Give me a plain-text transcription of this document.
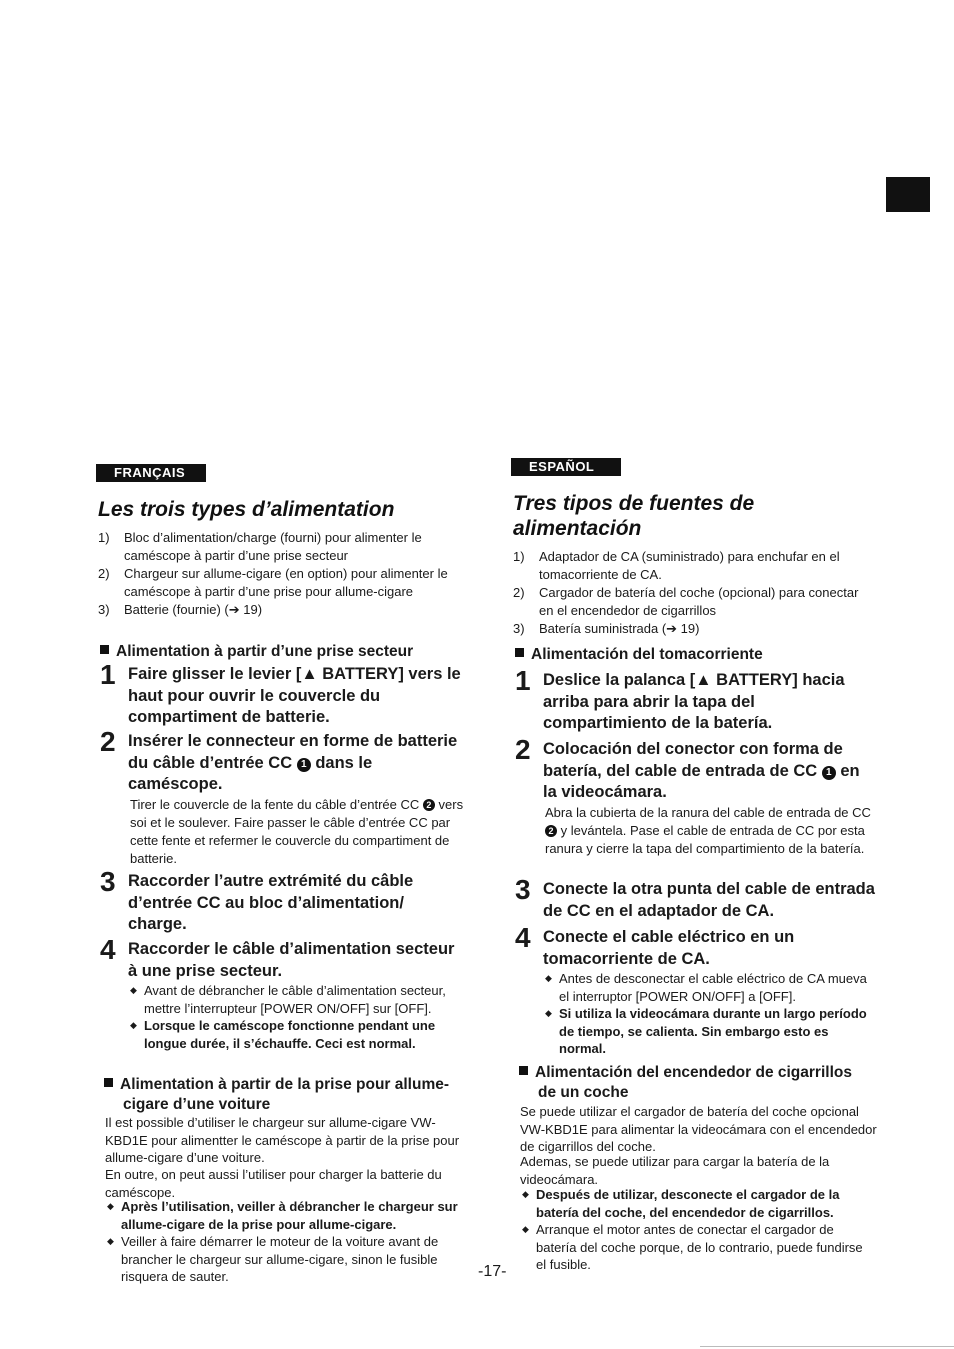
FRANÇAIS
Les trois types d’alimentation
1) Bloc d’alimentation/charge (fourni) pour alimenter le caméscope à partir d’une prise secteur
2) Chargeur sur allume-cigare (en option) pour alimenter le caméscope à partir d’une prise pour allume-cigare
3) Batterie (fournie) (➔ 19)
Alimentation à partir d’une prise secteur
1 Faire glisser le levier [▲ BATTERY] vers le haut pour ouvrir le couvercle du compartiment de batterie.

2 Insérer le connecteur en forme de batterie du câble d’entrée CC 1 dans le caméscope.

Tirer le couvercle de la fente du câble d’entrée CC 2 vers soi et le soulever. Faire passer le câble d’entrée CC par cette fente et refermer le couvercle du compartiment de batterie.

3 Raccorder l’autre extrémité du câble d’entrée CC au bloc d’alimentation/ charge.

4 Raccorder le câble d’alimentation secteur à une prise secteur.

◆ Avant de débrancher le câble d’alimentation secteur, mettre l’interrupteur [POWER ON/OFF] sur [OFF].
◆ Lorsque le caméscope fonctionne pendant une longue durée, il s’échauffe. Ceci est normal.
Alimentation à partir de la prise pour allume-cigare d’une voiture

Il est possible d’utiliser le chargeur sur allume-cigare VW-KBD1E pour alimentter le caméscope à partir de la prise pour allume-cigare d’une voiture.

En outre, on peut aussi l’utiliser pour charger la batterie du caméscope.

◆ Après l’utilisation, veiller à débrancher le chargeur sur allume-cigare de la prise pour allume-cigare.
◆ Veiller à faire démarrer le moteur de la voiture avant de brancher le chargeur sur allume-cigare, sinon le fusible risquera de sauter.
ESPAÑOL
Tres tipos de fuentes de alimentación
1) Adaptador de CA (suministrado) para enchufar en el tomacorriente de CA.
2) Cargador de batería del coche (opcional) para conectar en el encendedor de cigarrillos
3) Batería suministrada (➔ 19)
Alimentación del tomacorriente
1 Deslice la palanca [▲ BATTERY] hacia arriba para abrir la tapa del compartimiento de la batería.

2 Colocación del conector con forma de batería, del cable de entrada de CC 1 en la videocámara.

Abra la cubierta de la ranura del cable de entrada de CC 2 y levántela. Pase el cable de entrada de CC por esta ranura y cierre la tapa del compartimiento de la batería.

3 Conecte la otra punta del cable de entrada de CC en el adaptador de CA.

4 Conecte el cable eléctrico en un tomacorriente de CA.

◆ Antes de desconectar el cable eléctrico de CA mueva el interruptor [POWER ON/OFF] a [OFF].
◆ Si utiliza la videocámara durante un largo período de tiempo, se calienta. Sin embargo esto es normal.
Alimentación del encendedor de cigarrillos de un coche

Se puede utilizar el cargador de batería del coche opcional VW-KBD1E para alimentar la videocámara con el encendedor de cigarrillos del coche.

Ademas, se puede utilizar para cargar la batería de la videocámara.

◆ Después de utilizar, desconecte el cargador de la batería del coche, del encendedor de cigarrillos.
◆ Arranque el motor antes de conectar el cargador de batería del coche porque, de lo contrario, puede fundirse el fusible.
-17-
